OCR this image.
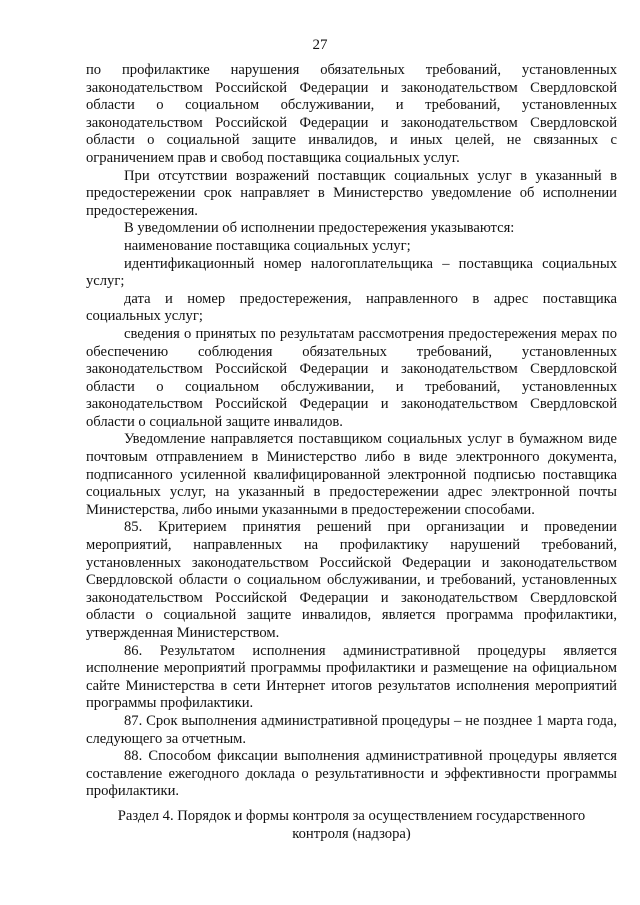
27

по профилактике нарушения обязательных требований, установленных законодательством Российской Федерации и законодательством Свердловской области о социальном обслуживании, и требований, установленных законодательством Российской Федерации и законодательством Свердловской области о социальной защите инвалидов, и иных целей, не связанных с ограничением прав и свобод поставщика социальных услуг.

При отсутствии возражений поставщик социальных услуг в указанный в предостережении срок направляет в Министерство уведомление об исполнении предостережения.

В уведомлении об исполнении предостережения указываются:

наименование поставщика социальных услуг;

идентификационный номер налогоплательщика – поставщика социальных услуг;

дата и номер предостережения, направленного в адрес поставщика социальных услуг;

сведения о принятых по результатам рассмотрения предостережения мерах по обеспечению соблюдения обязательных требований, установленных законодательством Российской Федерации и законодательством Свердловской области о социальном обслуживании, и требований, установленных законодательством Российской Федерации и законодательством Свердловской области о социальной защите инвалидов.

Уведомление направляется поставщиком социальных услуг в бумажном виде почтовым отправлением в Министерство либо в виде электронного документа, подписанного усиленной квалифицированной электронной подписью поставщика социальных услуг, на указанный в предостережении адрес электронной почты Министерства, либо иными указанными в предостережении способами.

85. Критерием принятия решений при организации и проведении мероприятий, направленных на профилактику нарушений требований, установленных законодательством Российской Федерации и законодательством Свердловской области о социальном обслуживании, и требований, установленных законодательством Российской Федерации и законодательством Свердловской области о социальной защите инвалидов, является программа профилактики, утвержденная Министерством.

86. Результатом исполнения административной процедуры является исполнение мероприятий программы профилактики и размещение на официальном сайте Министерства в сети Интернет итогов результатов исполнения мероприятий программы профилактики.

87. Срок выполнения административной процедуры – не позднее 1 марта года, следующего за отчетным.

88. Способом фиксации выполнения административной процедуры является составление ежегодного доклада о результативности и эффективности программы профилактики.

Раздел 4. Порядок и формы контроля за осуществлением государственного
контроля (надзора)
